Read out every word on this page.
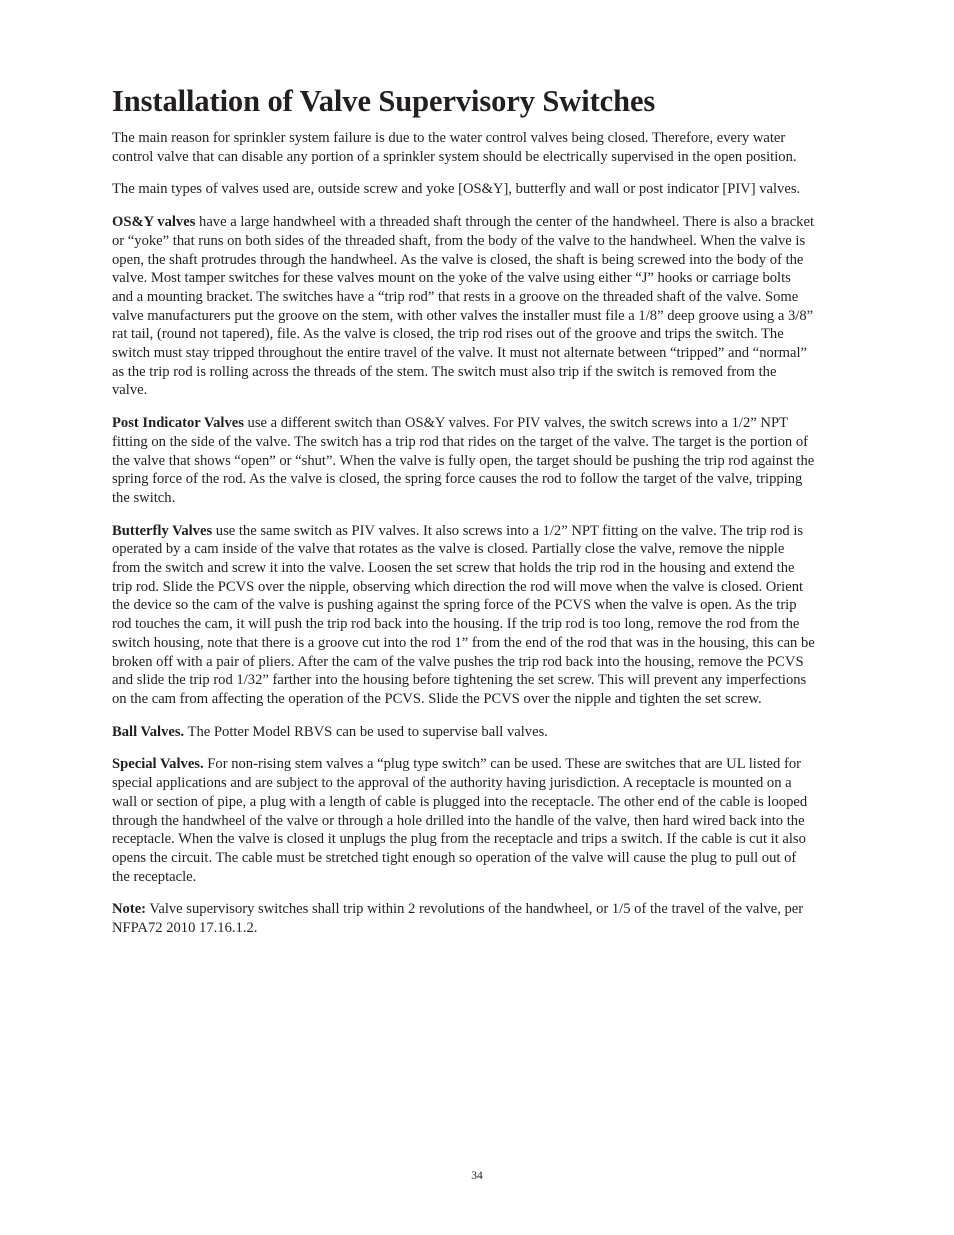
Installation of Valve Supervisory Switches

The main reason for sprinkler system failure is due to the water control valves being closed. Therefore, every water control valve that can disable any portion of a sprinkler system should be electrically supervised in the open position.

The main types of valves used are, outside screw and yoke [OS&Y], butterfly and wall or post indicator [PIV] valves.

OS&Y valves have a large handwheel with a threaded shaft through the center of the handwheel. There is also a bracket or “yoke” that runs on both sides of the threaded shaft, from the body of the valve to the handwheel. When the valve is open, the shaft protrudes through the handwheel. As the valve is closed, the shaft is being screwed into the body of the valve. Most tamper switches for these valves mount on the yoke of the valve using either “J” hooks or carriage bolts and a mounting bracket. The switches have a “trip rod” that rests in a groove on the threaded shaft of the valve. Some valve manufacturers put the groove on the stem, with other valves the installer must file a 1/8” deep groove using a 3/8” rat tail, (round not tapered), file. As the valve is closed, the trip rod rises out of the groove and trips the switch. The switch must stay tripped throughout the entire travel of the valve. It must not alternate between “tripped” and “normal” as the trip rod is rolling across the threads of the stem. The switch must also trip if the switch is removed from the valve.

Post Indicator Valves use a different switch than OS&Y valves. For PIV valves, the switch screws into a 1/2” NPT fitting on the side of the valve. The switch has a trip rod that rides on the target of the valve. The target is the portion of the valve that shows “open” or “shut”. When the valve is fully open, the target should be pushing the trip rod against the spring force of the rod. As the valve is closed, the spring force causes the rod to follow the target of the valve, tripping the switch.

Butterfly Valves use the same switch as PIV valves. It also screws into a 1/2” NPT fitting on the valve. The trip rod is operated by a cam inside of the valve that rotates as the valve is closed. Partially close the valve, remove the nipple from the switch and screw it into the valve. Loosen the set screw that holds the trip rod in the housing and extend the trip rod. Slide the PCVS over the nipple, observing which direction the rod will move when the valve is closed. Orient the device so the cam of the valve is pushing against the spring force of the PCVS when the valve is open. As the trip rod touches the cam, it will push the trip rod back into the housing. If the trip rod is too long, remove the rod from the switch housing, note that there is a groove cut into the rod 1” from the end of the rod that was in the housing, this can be broken off with a pair of pliers. After the cam of the valve pushes the trip rod back into the housing, remove the PCVS and slide the trip rod 1/32” farther into the housing before tightening the set screw. This will prevent any imperfections on the cam from affecting the operation of the PCVS. Slide the PCVS over the nipple and tighten the set screw.

Ball Valves. The Potter Model RBVS can be used to supervise ball valves.

Special Valves. For non-rising stem valves a “plug type switch” can be used. These are switches that are UL listed for special applications and are subject to the approval of the authority having jurisdiction. A receptacle is mounted on a wall or section of pipe, a plug with a length of cable is plugged into the receptacle. The other end of the cable is looped through the handwheel of the valve or through a hole drilled into the handle of the valve, then hard wired back into the receptacle. When the valve is closed it unplugs the plug from the receptacle and trips a switch. If the cable is cut it also opens the circuit. The cable must be stretched tight enough so operation of the valve will cause the plug to pull out of the receptacle.

Note: Valve supervisory switches shall trip within 2 revolutions of the handwheel, or 1/5 of the travel of the valve, per NFPA72 2010 17.16.1.2.

34
